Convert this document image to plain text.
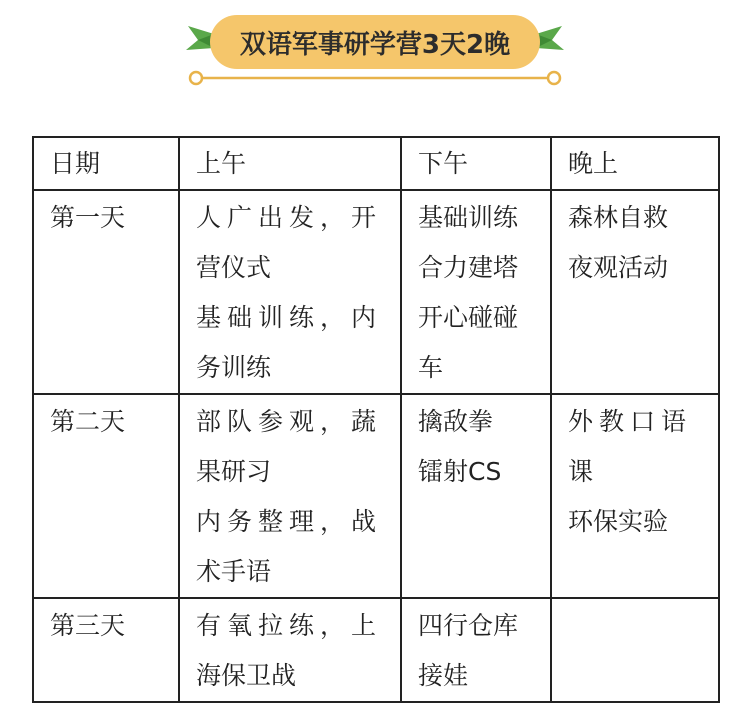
双语军事研学营3天2晚
日期	上午	下午	晚上
第一天	人广出发，开
营仪式
基础训练，内
务训练	基础训练
合力建塔
开心碰碰
车	森林自救
夜观活动

第二天	部队参观，蔬
果研习
内务整理，战
术手语	擒敌拳
镭射CS	外教口语
课
环保实验

第三天	有氧拉练，上
海保卫战	四行仓库
接娃	
